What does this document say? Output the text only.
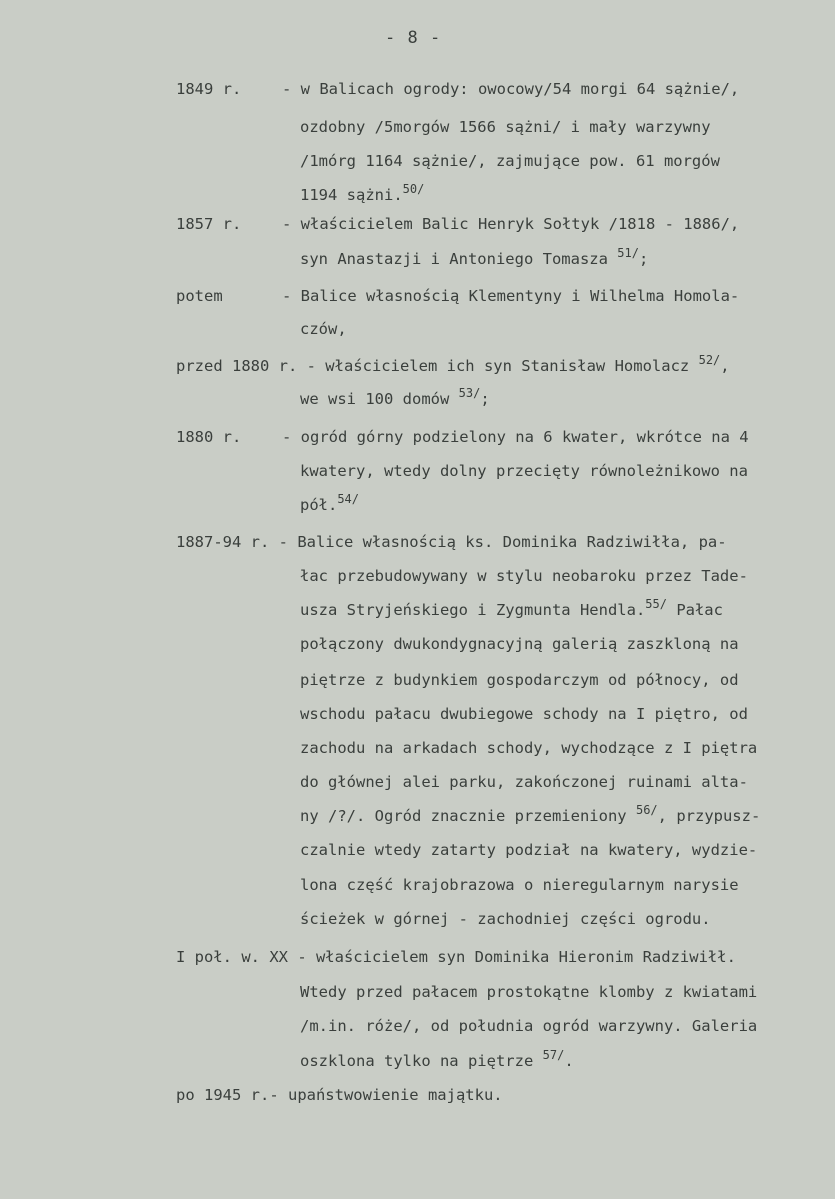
- 8 -
1849 r.	- w Balicach ogrody: owocowy/54 morgi 64 sążnie/,
ozdobny /5morgów 1566 sążni/ i mały warzywny
/1mórg 1164 sążnie/, zajmujące pow. 61 morgów
1194 sążni.$^{50/}$
1857 r.	- właścicielem Balic Henryk Sołtyk /1818 - 1886/,
syn Anastazji i Antoniego Tomasza $^{51/}$;
potem	- Balice własnością Klementyny i Wilhelma Homola-
czów,
przed 1880 r. - właścicielem ich syn Stanisław Homolacz $^{52/}$,
we wsi 100 domów $^{53/}$;
1880 r.	- ogród górny podzielony na 6 kwater, wkrótce na 4
kwatery, wtedy dolny przecięty równoleżnikowo na
pół.$^{54/}$
1887-94 r. - Balice własnością ks. Dominika Radziwiłła, pa-
łac przebudowywany w stylu neobaroku przez Tade-
usza Stryjeńskiego i Zygmunta Hendla.$^{55/}$ Pałac
połączony dwukondygnacyjną galerią zaszkloną na
piętrze z budynkiem gospodarczym od północy, od
wschodu pałacu dwubiegowe schody na I piętro, od
zachodu na arkadach schody, wychodzące z I piętra
do głównej alei parku, zakończonej ruinami alta-
ny /?/. Ogród znacznie przemieniony $^{56/}$, przypusz-
czalnie wtedy zatarty podział na kwatery, wydzie-
lona część krajobrazowa o nieregularnym narysie
ścieżek w górnej - zachodniej części ogrodu.
I poł. w. XX - właścicielem syn Dominika Hieronim Radziwiłł.
Wtedy przed pałacem prostokątne klomby z kwiatami
/m.in. róże/, od południa ogród warzywny. Galeria
oszklona tylko na piętrze $^{57/}$.
po 1945 r.- upaństwowienie majątku.
